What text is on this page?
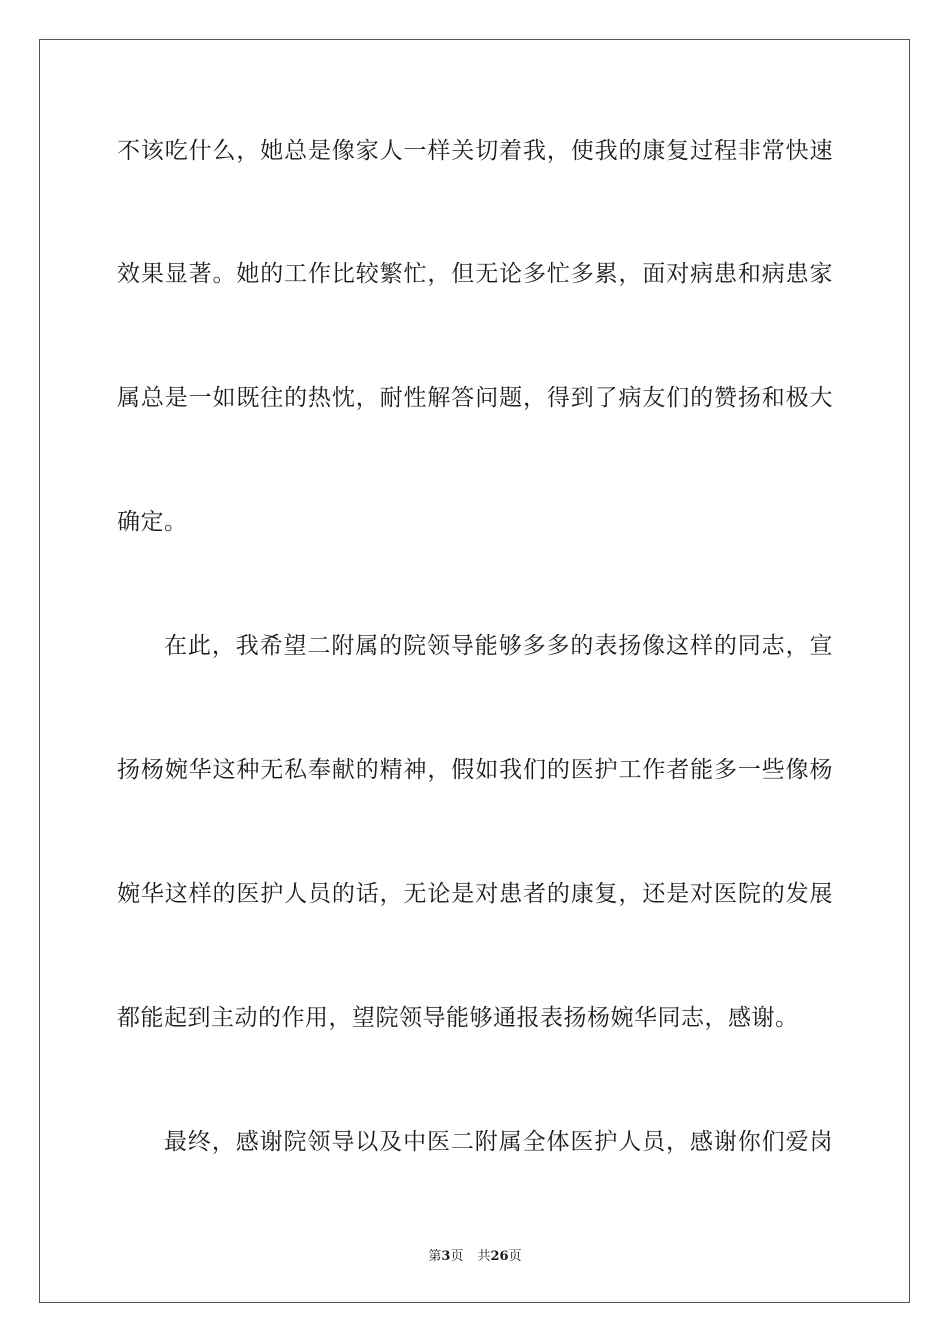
不该吃什么，她总是像家人一样关切着我，使我的康复过程非常快速
效果显著。她的工作比较繁忙，但无论多忙多累，面对病患和病患家
属总是一如既往的热忱，耐性解答问题，得到了病友们的赞扬和极大
确定。
在此，我希望二附属的院领导能够多多的表扬像这样的同志，宣
扬杨婉华这种无私奉献的精神，假如我们的医护工作者能多一些像杨
婉华这样的医护人员的话，无论是对患者的康复，还是对医院的发展
都能起到主动的作用，望院领导能够通报表扬杨婉华同志，感谢。
最终，感谢院领导以及中医二附属全体医护人员，感谢你们爱岗
第3页 共26页
